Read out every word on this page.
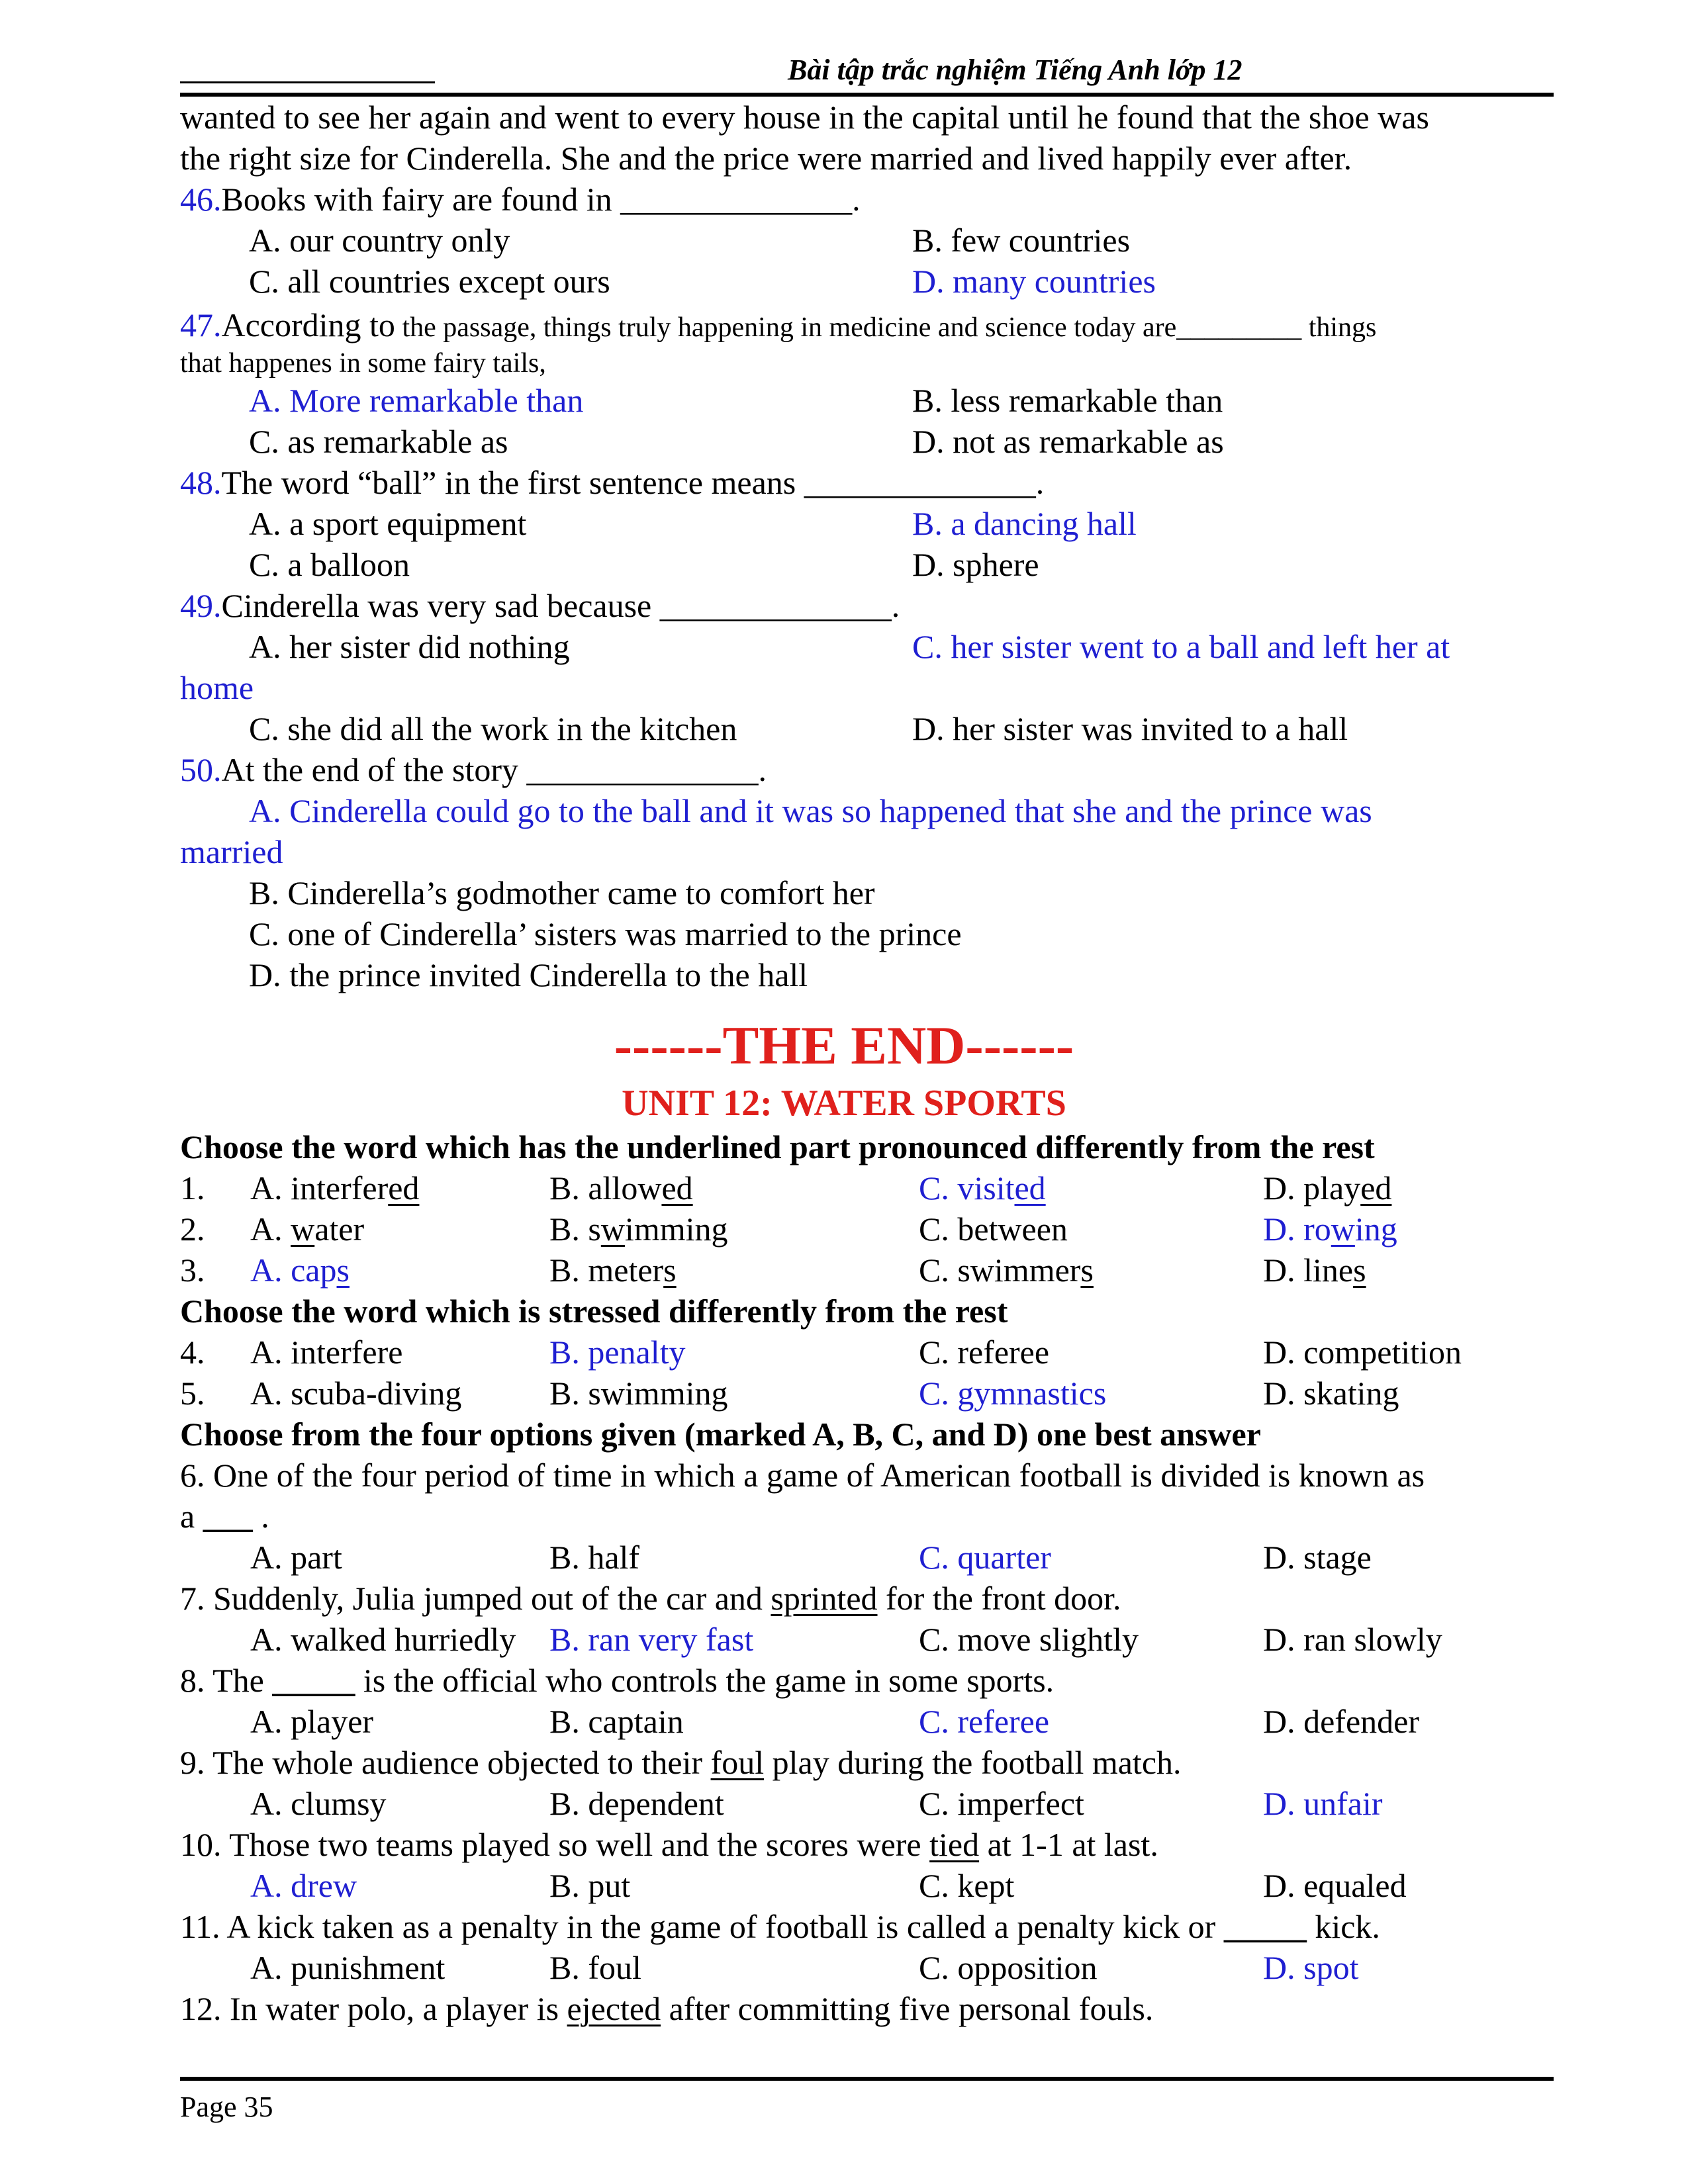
Bài tập trắc nghiệm Tiếng Anh lớp 12
wanted to see her again and went to every house in the capital until he found that the shoe was
the right size for Cinderella. She and the price were married and lived happily ever after.
46.Books with fairy are found in ______________.
A. our country only	B. few countries
C. all countries except ours	D. many countries
47.According to the passage, things truly happening in medicine and science today are_________ things
that happenes in some fairy tails,
A. More remarkable than	B. less remarkable than
C. as remarkable as	D. not as remarkable as
48.The word “ball” in the first sentence means ______________.
A. a sport equipment	B. a dancing hall
C. a balloon	D. sphere
49.Cinderella was very sad because ______________.
A. her sister did nothing	C. her sister went to a ball and left her at
home
C. she did all the work in the kitchen	D. her sister was invited to a hall
50.At the end of the story ______________.
A. Cinderella could go to the ball and it was so happened that she and the prince was
married
B. Cinderella’s godmother came to comfort her
C. one of Cinderella’ sisters was married to the prince
D. the prince invited Cinderella to the hall
------THE END------
UNIT 12: WATER SPORTS
Choose the word which has the underlined part pronounced differently from the rest
1. A. interfered	B. allowed	C. visited	D. played
2. A. water	B. swimming	C. between	D. rowing
3. A. caps	B. meters	C. swimmers	D. lines
Choose the word which is stressed differently from the rest
4. A. interfere	B. penalty	C. referee	D. competition
5. A. scuba-diving	B. swimming	C. gymnastics	D. skating
Choose from the four options given (marked A, B, C, and D) one best answer
6. One of the four period of time in which a game of American football is divided is known as
a ___ .
A. part	B. half	C. quarter	D. stage
7. Suddenly, Julia jumped out of the car and sprinted for the front door.
A. walked hurriedly B. ran very fast	C. move slightly	D. ran slowly
8. The _____ is the official who controls the game in some sports.
A. player	B. captain	C. referee	D. defender
9. The whole audience objected to their foul play during the football match.
A. clumsy	B. dependent	C. imperfect	D. unfair
10. Those two teams played so well and the scores were tied at 1-1 at last.
A. drew	B. put	C. kept	D. equaled
11. A kick taken as a penalty in the game of football is called a penalty kick or _____ kick.
A. punishment	B. foul	C. opposition	D. spot
12. In water polo, a player is ejected after committing five personal fouls.
Page 35
